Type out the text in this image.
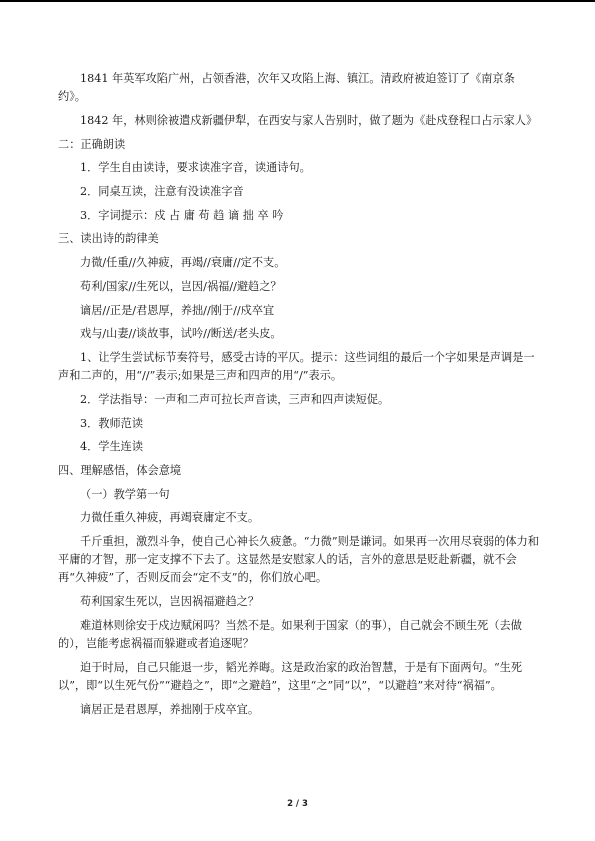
1841 年英军攻陷广州，占领香港，次年又攻陷上海、镇江。清政府被迫签订了《南京条约》。

1842 年，林则徐被遣戍新疆伊犁，在西安与家人告别时，做了题为《赴戍登程口占示家人》

二：正确朗读

1．学生自由读诗，要求读准字音，读通诗句。

2．同桌互读，注意有没读准字音

3．字词提示：戍 占 庸 苟 趋 谪 拙 卒 吟

三、读出诗的韵律美

力微/任重//久神疲，再竭//衰庸//定不支。

苟利/国家//生死以，岂因/祸福//避趋之？

谪居//正是/君恩厚，养拙//刚于//戍卒宜

戏与/山妻//谈故事，试吟//断送/老头皮。

1、让学生尝试标节奏符号，感受古诗的平仄。提示：这些词组的最后一个字如果是声调是一声和二声的，用“//”表示;如果是三声和四声的用“/”表示。

2．学法指导：一声和二声可拉长声音读，三声和四声读短促。

3．教师范读

4．学生连读

四、理解感悟，体会意境

（一）教学第一句

力微任重久神疲，再竭衰庸定不支。

千斤重担，激烈斗争，使自己心神长久疲惫。“力微”则是谦词。如果再一次用尽衰弱的体力和平庸的才智，那一定支撑不下去了。这显然是安慰家人的话，言外的意思是贬赴新疆，就不会再“久神疲”了，否则反而会“定不支”的，你们放心吧。

苟利国家生死以，岂因祸福避趋之？

难道林则徐安于戍边赋闲吗？当然不是。如果利于国家（的事），自己就会不顾生死（去做的），岂能考虑祸福而躲避或者追逐呢？

迫于时局，自己只能退一步，韬光养晦。这是政治家的政治智慧，于是有下面两句。“生死以”，即“以生死气份”“避趋之”，即“之避趋”，这里“之”同“以”，“以避趋”来对待“祸福”。

谪居正是君恩厚，养拙刚于戍卒宜。

2 / 3
